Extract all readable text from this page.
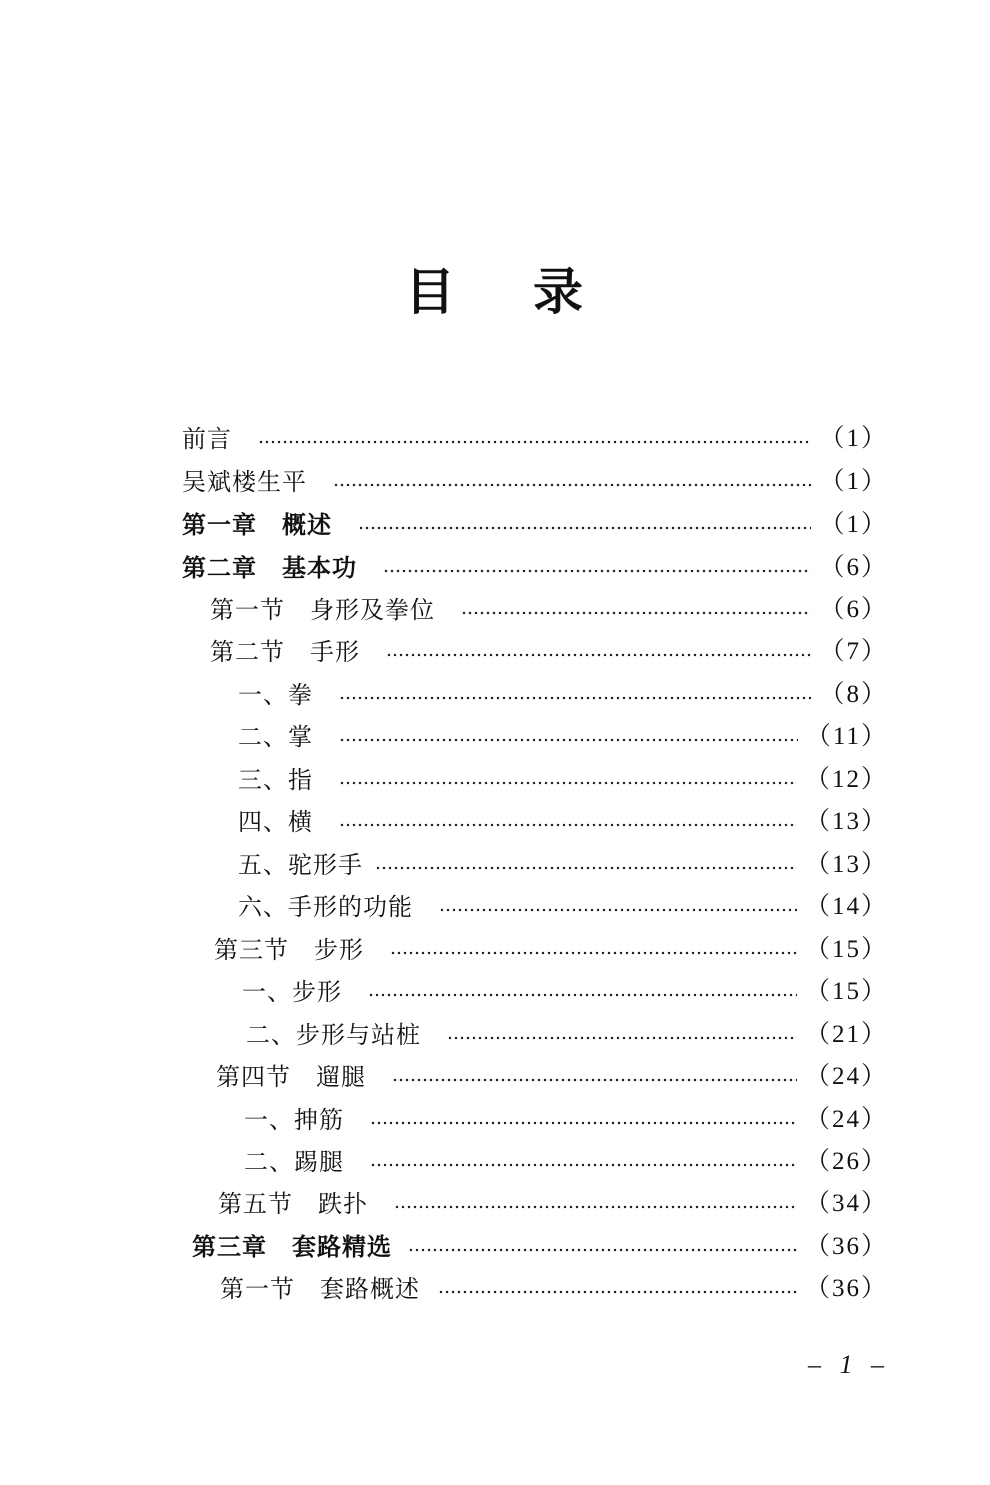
目 录
前言	（1）
吴斌楼生平	（1）
第一章　概述	（1）
第二章　基本功	（6）
第一节　身形及拳位	（6）
第二节　手形	（7）
一、拳	（8）
二、掌	（11）
三、指	（12）
四、横	（13）
五、驼形手	（13）
六、手形的功能	（14）
第三节　步形	（15）
一、步形	（15）
二、步形与站桩	（21）
第四节　遛腿	（24）
一、抻筋	（24）
二、踢腿	（26）
第五节　跌扑	（34）
第三章　套路精选	（36）
第一节　套路概述	（36）
– 1 –
